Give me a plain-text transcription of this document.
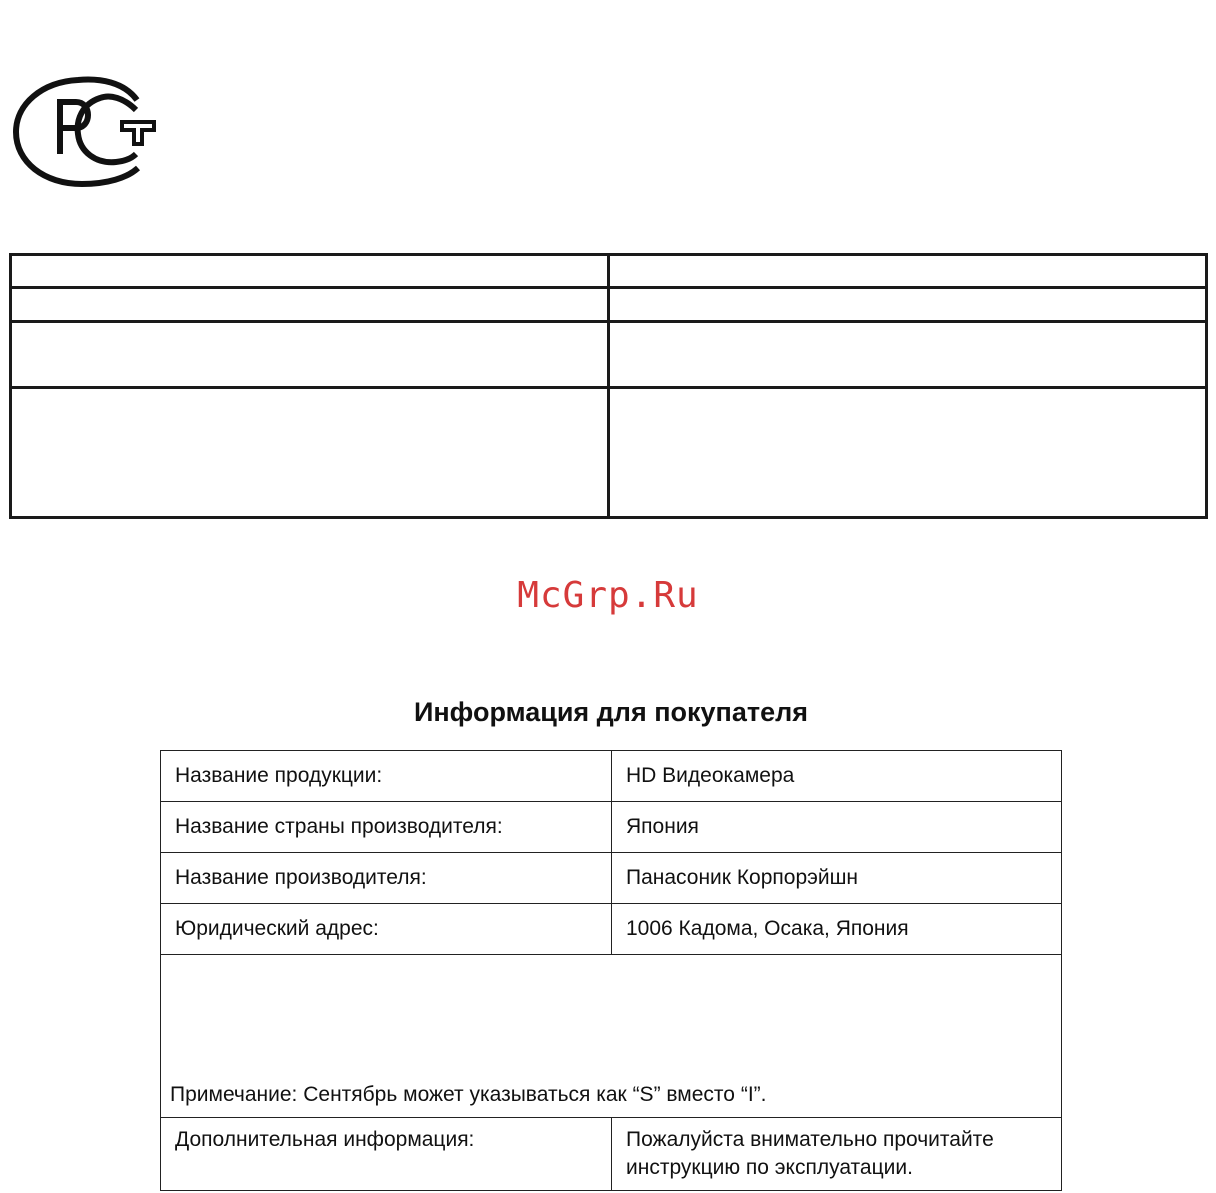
McGrp.Ru
Информация для покупателя
Название продукции:	HD Видеокамера
Название страны производителя:	Япония
Название производителя:	Панасоник Корпорэйшн
Юридический адрес:	1006 Кадома, Осака, Япония

Примечание: Сентябрь может указываться как “S” вместо “I”.	

Дополнительная информация:	Пожалуйста внимательно прочитайте
инструкцию по эксплуатации.
